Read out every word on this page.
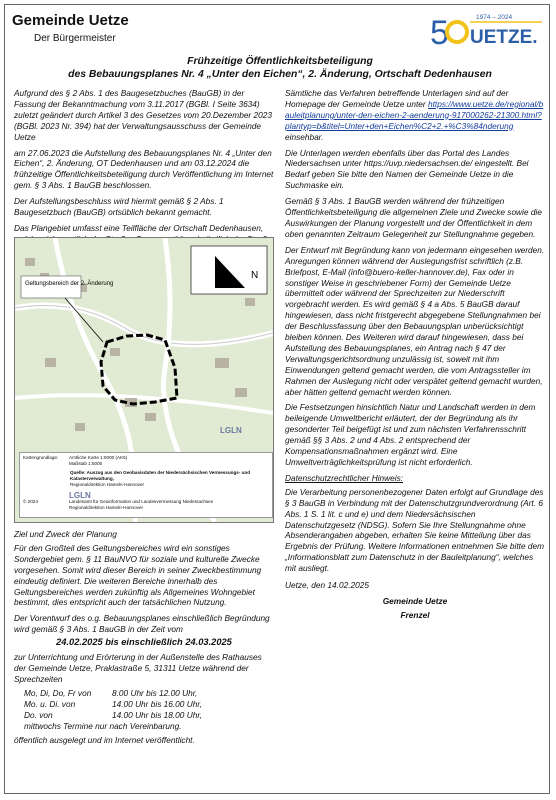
Gemeinde Uetze
Der Bürgermeister	5	1974 – 2024
UETZE.
Frühzeitige Öffentlichkeitsbeteiligung
des Bebauungsplanes Nr. 4 „Unter den Eichen“, 2. Änderung, Ortschaft Dedenhausen

Aufgrund des § 2 Abs. 1 des Baugesetzbuches (BauGB) in der Fassung der Bekanntmachung vom 3.11.2017 (BGBl. I Seite 3634) zuletzt geändert durch Artikel 3 des Gesetzes vom 20.Dezember 2023 (BGBl. 2023 Nr. 394) hat der Verwaltungsausschuss der Gemeinde Uetze

am 27.06.2023 die Aufstellung des Bebauungsplanes Nr. 4 „Unter den Eichen“, 2. Änderung, OT Dedenhausen und am 03.12.2024 die frühzeitige Öffentlichkeitsbeteiligung durch Veröffentlichung im Internet gem. § 3 Abs. 1 BauGB beschlossen.

Der Aufstellungsbeschluss wird hiermit gemäß § 2 Abs. 1 Baugesetzbuch (BauGB) ortsüblich bekannt gemacht.

Das Plangebiet umfasst eine Teilfläche der Ortschaft Dedenhausen,

Geltungsbereich der 2. Änderung
N
LGLN
Kartengrundlage:	Amtliche Karte 1:5000 (AK5)
Maßstab 1:5000
Quelle: Auszug aus den Geobasisdaten der Niedersächsischen Vermessungs- und Katasterverwaltung,
Regionaldirektion Hameln-Hannover
© 2024
LGLN
Landesamt für Geoinformation und Landesvermessung Niedersachsen
Regionaldirektion Hameln-Hannover

Ziel und Zweck der Planung

Für den Großteil des Geltungsbereiches wird ein sonstiges Sondergebiet gem. § 11 BauNVO für soziale und kulturelle Zwecke vorgesehen. Somit wird dieser Bereich in seiner Zweckbestimmung eindeutig definiert. Die weiteren Bereiche innerhalb des Geltungsbereiches werden zukünftig als Allgemeines Wohngebiet bestimmt, dies entspricht auch der tatsächlichen Nutzung.

Der Vorentwurf des o.g. Bebauungsplanes einschließlich Begründung wird gemäß § 3 Abs. 1 BauGB in der Zeit vom

24.02.2025 bis einschließlich 24.03.2025

zur Unterrichtung und Erörterung in der Außenstelle des Rathauses der Gemeinde Uetze, Praklastraße 5, 31311 Uetze während der Sprechzeiten

Mo, Di, Do, Fr von	8.00 Uhr bis 12.00 Uhr,
Mo. u. Di. von	14.00 Uhr bis 16.00 Uhr,
Do. von	14.00 Uhr bis 18.00 Uhr,
mittwochs Termine nur nach Vereinbarung.

öffentlich ausgelegt und im Internet veröffentlicht.

Sämtliche das Verfahren betreffende Unterlagen sind auf der Homepage der Gemeinde Uetze unter https://www.uetze.de/regional/bauleitplanung/unter-den-eichen-2-aenderung-917000262-21300.html?plantyp=b&titel=Unter+den+Eichen%C2+2.+%C3%84nderung einsehbar.

Die Unterlagen werden ebenfalls über das Portal des Landes Niedersachsen unter https://uvp.niedersachsen.de/ eingestellt. Bei Bedarf geben Sie bitte den Namen der Gemeinde Uetze in die Suchmaske ein.

Gemäß § 3 Abs. 1 BauGB werden während der frühzeitigen Öffentlichkeitsbeteiligung die allgemeinen Ziele und Zwecke sowie die Auswirkungen der Planung vorgestellt und der Öffentlichkeit in dem oben genannten Zeitraum Gelegenheit zur Stellungnahme gegeben.

Der Entwurf mit Begründung kann von jedermann eingesehen werden. Anregungen können während der Auslegungsfrist schriftlich (z.B. Briefpost, E-Mail (info@buero-keller-hannover.de), Fax oder in sonstiger Weise in geschriebener Form) der Gemeinde Uetze übermittelt oder während der Sprechzeiten zur Niederschrift vorgebracht werden. Es wird gemäß § 4 a Abs. 5 BauGB darauf hingewiesen, dass nicht fristgerecht abgegebene Stellungnahmen bei der Beschlussfassung über den Bebauungsplan unberücksichtigt bleiben können. Des Weiteren wird darauf hingewiesen, dass bei Aufstellung des Bebauungsplanes, ein Antrag nach § 47 der Verwaltungsgerichtsordnung unzulässig ist, soweit mit ihm Einwendungen geltend gemacht werden, die vom Antragssteller im Rahmen der Auslegung nicht oder verspätet geltend gemacht wurden, aber hätten geltend gemacht werden können.

Die Festsetzungen hinsichtlich Natur und Landschaft werden in dem beileigende Umweltbericht erläutert, der der Begründung als ihr gesonderter Teil beigefügt ist und zum nächsten Verfahrensschritt gemäß §§ 3 Abs. 2 und 4 Abs. 2 entsprechend der Kompensationsmaßnahmen ergänzt wird. Eine Umweltverträglichkeitsprüfung ist nicht erforderlich.

Datenschutzrechtlicher Hinweis:

Die Verarbeitung personenbezogener Daten erfolgt auf Grundlage des § 3 BauGB in Verbindung mit der Datenschutzgrundverordnung (Art. 6 Abs. 1 S. 1 lit. c und e) und dem Niedersächsischen Datenschutzgesetz (NDSG). Sofern Sie Ihre Stellungnahme ohne Absenderangaben abgeben, erhalten Sie keine Mitteilung über das Ergebnis der Prüfung. Weitere Informationen entnehmen Sie bitte dem „Informationsblatt zum Datenschutz in der Bauleitplanung“, welches mit ausliegt.

Uetze, den 14.02.2025

Gemeinde Uetze
Frenzel
